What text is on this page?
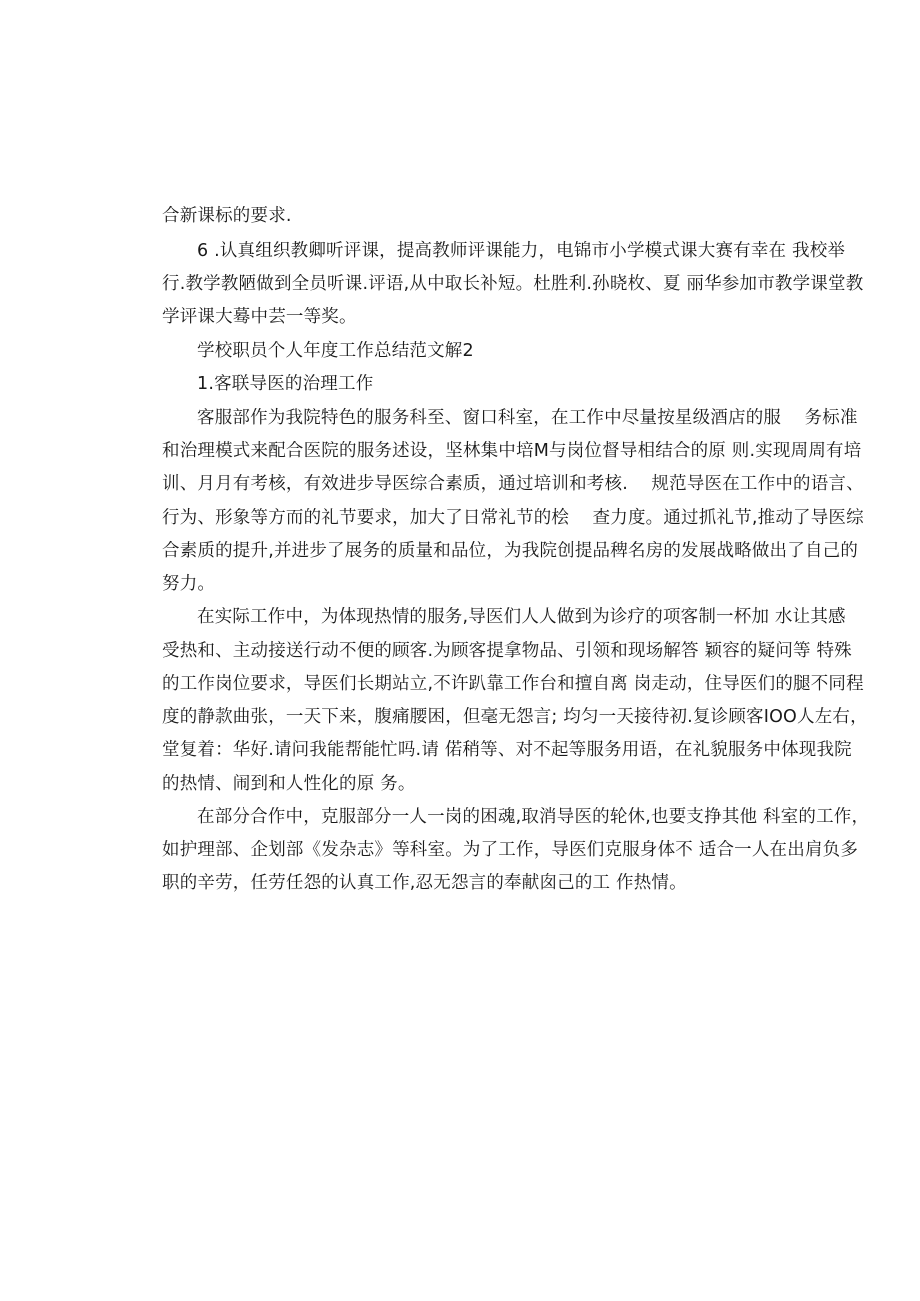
合新课标的要求.
6 .认真组织教卿听评课，提高教师评课能力，电锦市小学模式课大赛有幸在 我校举
行.教学教陋做到全员听课.评语,从中取长补短。杜胜利.孙晓枚、夏 丽华参加市教学课堂教
学评课大蓦中芸一等奖。
学校职员个人年度工作总结范文解2
1.客联导医的治理工作
客服部作为我院特色的服务科至、窗口科室，在工作中尽量按星级酒店的服　 务标准
和治理模式来配合医院的服务述设，坚林集中培M与岗位督导相结合的原 则.实现周周有培
训、月月有考核，有效进步导医综合素质，通过培训和考核.　 规范导医在工作中的语言、
行为、形象等方而的礼节要求，加大了日常礼节的桧　 查力度。通过抓礼节,推动了导医综
合素质的提升,并进步了展务的质量和品位，为我院创提品稗名房的发展战略做出了自己的
努力。
在实际工作中，为体现热情的服务,导医们人人做到为诊疗的项客制一杯加 水让其感
受热和、主动接送行动不便的顾客.为顾客提拿物品、引领和现场解答 颖容的疑问等 特殊
的工作岗位要求，导医们长期站立,不许趴靠工作台和擅自离 岗走动，住导医们的腿不同程
度的静款曲张，一天下来，腹痛腰困，但毫无怨言; 均匀一天接待初.复诊顾客IOO人左右，
堂复着：华好.请问我能帮能忙吗.请 偌稍等、对不起等服务用语，在礼貌服务中体现我院
的热情、闹到和人性化的原 务。
在部分合作中，克服部分一人一岗的困魂,取消导医的轮休,也要支挣其他 科室的工作，
如护理部、企划部《发杂志》等科室。为了工作，导医们克服身体不 适合一人在出肩负多
职的辛劳，任劳任怨的认真工作,忍无怨言的奉献囱己的工 作热情。
